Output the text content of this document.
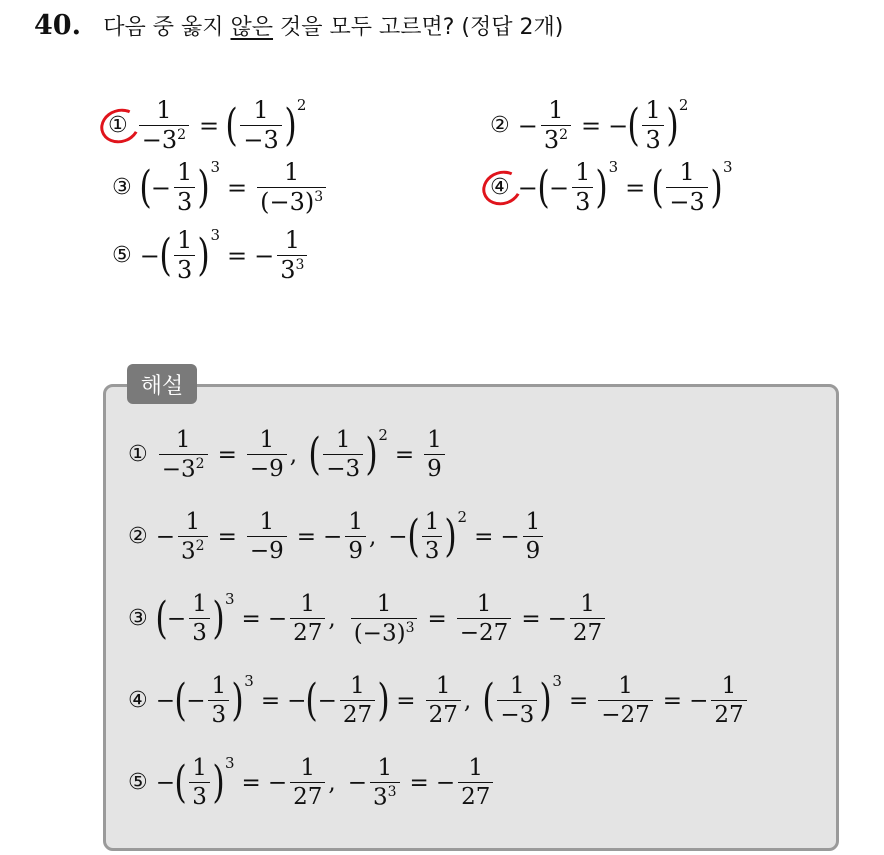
40. 다음 중 옳지 않은 것을 모두 고르면? (정답 2개)
① $\frac{1}{-3^2}$ = ( $\frac{1}{-3}$ ) 2
② − $\frac{1}{3^2}$ = − ( $\frac{1}{3}$ ) 2
③ ( − $\frac{1}{3}$ ) 3
= $\frac{1}{(-3)^3}$	④ − ( − $\frac{1}{3}$ ) 3
= ( $\frac{1}{-3}$ ) 3
⑤ − ( $\frac{1}{3}$ ) 3
= − $\frac{1}{3^3}$
해설
① $\frac{1}{-3^2} = \frac{1}{-9}$ , ( $\frac{1}{-3}$ ) 2
= $\frac{1}{9}$
② − $\frac{1}{3^2} = \frac{1}{-9}$ = − $\frac{1}{9}$ , − ( $\frac{1}{3}$ ) 2
= − $\frac{1}{9}$
③ ( − $\frac{1}{3}$ ) 3
= − $\frac{1}{27}$ , $\frac{1}{(-3)^3} = \frac{1}{-27}$ = − $\frac{1}{27}$
④ − ( − $\frac{1}{3}$ ) 3
= − ( − $\frac{1}{27}$ ) = $\frac{1}{27}$ , ( $\frac{1}{-3}$ ) 3
= $\frac{1}{-27}$ = − $\frac{1}{27}$
⑤ − ( $\frac{1}{3}$ ) 3
= − $\frac{1}{27}$ , − $\frac{1}{3^3}$ = − $\frac{1}{27}$
